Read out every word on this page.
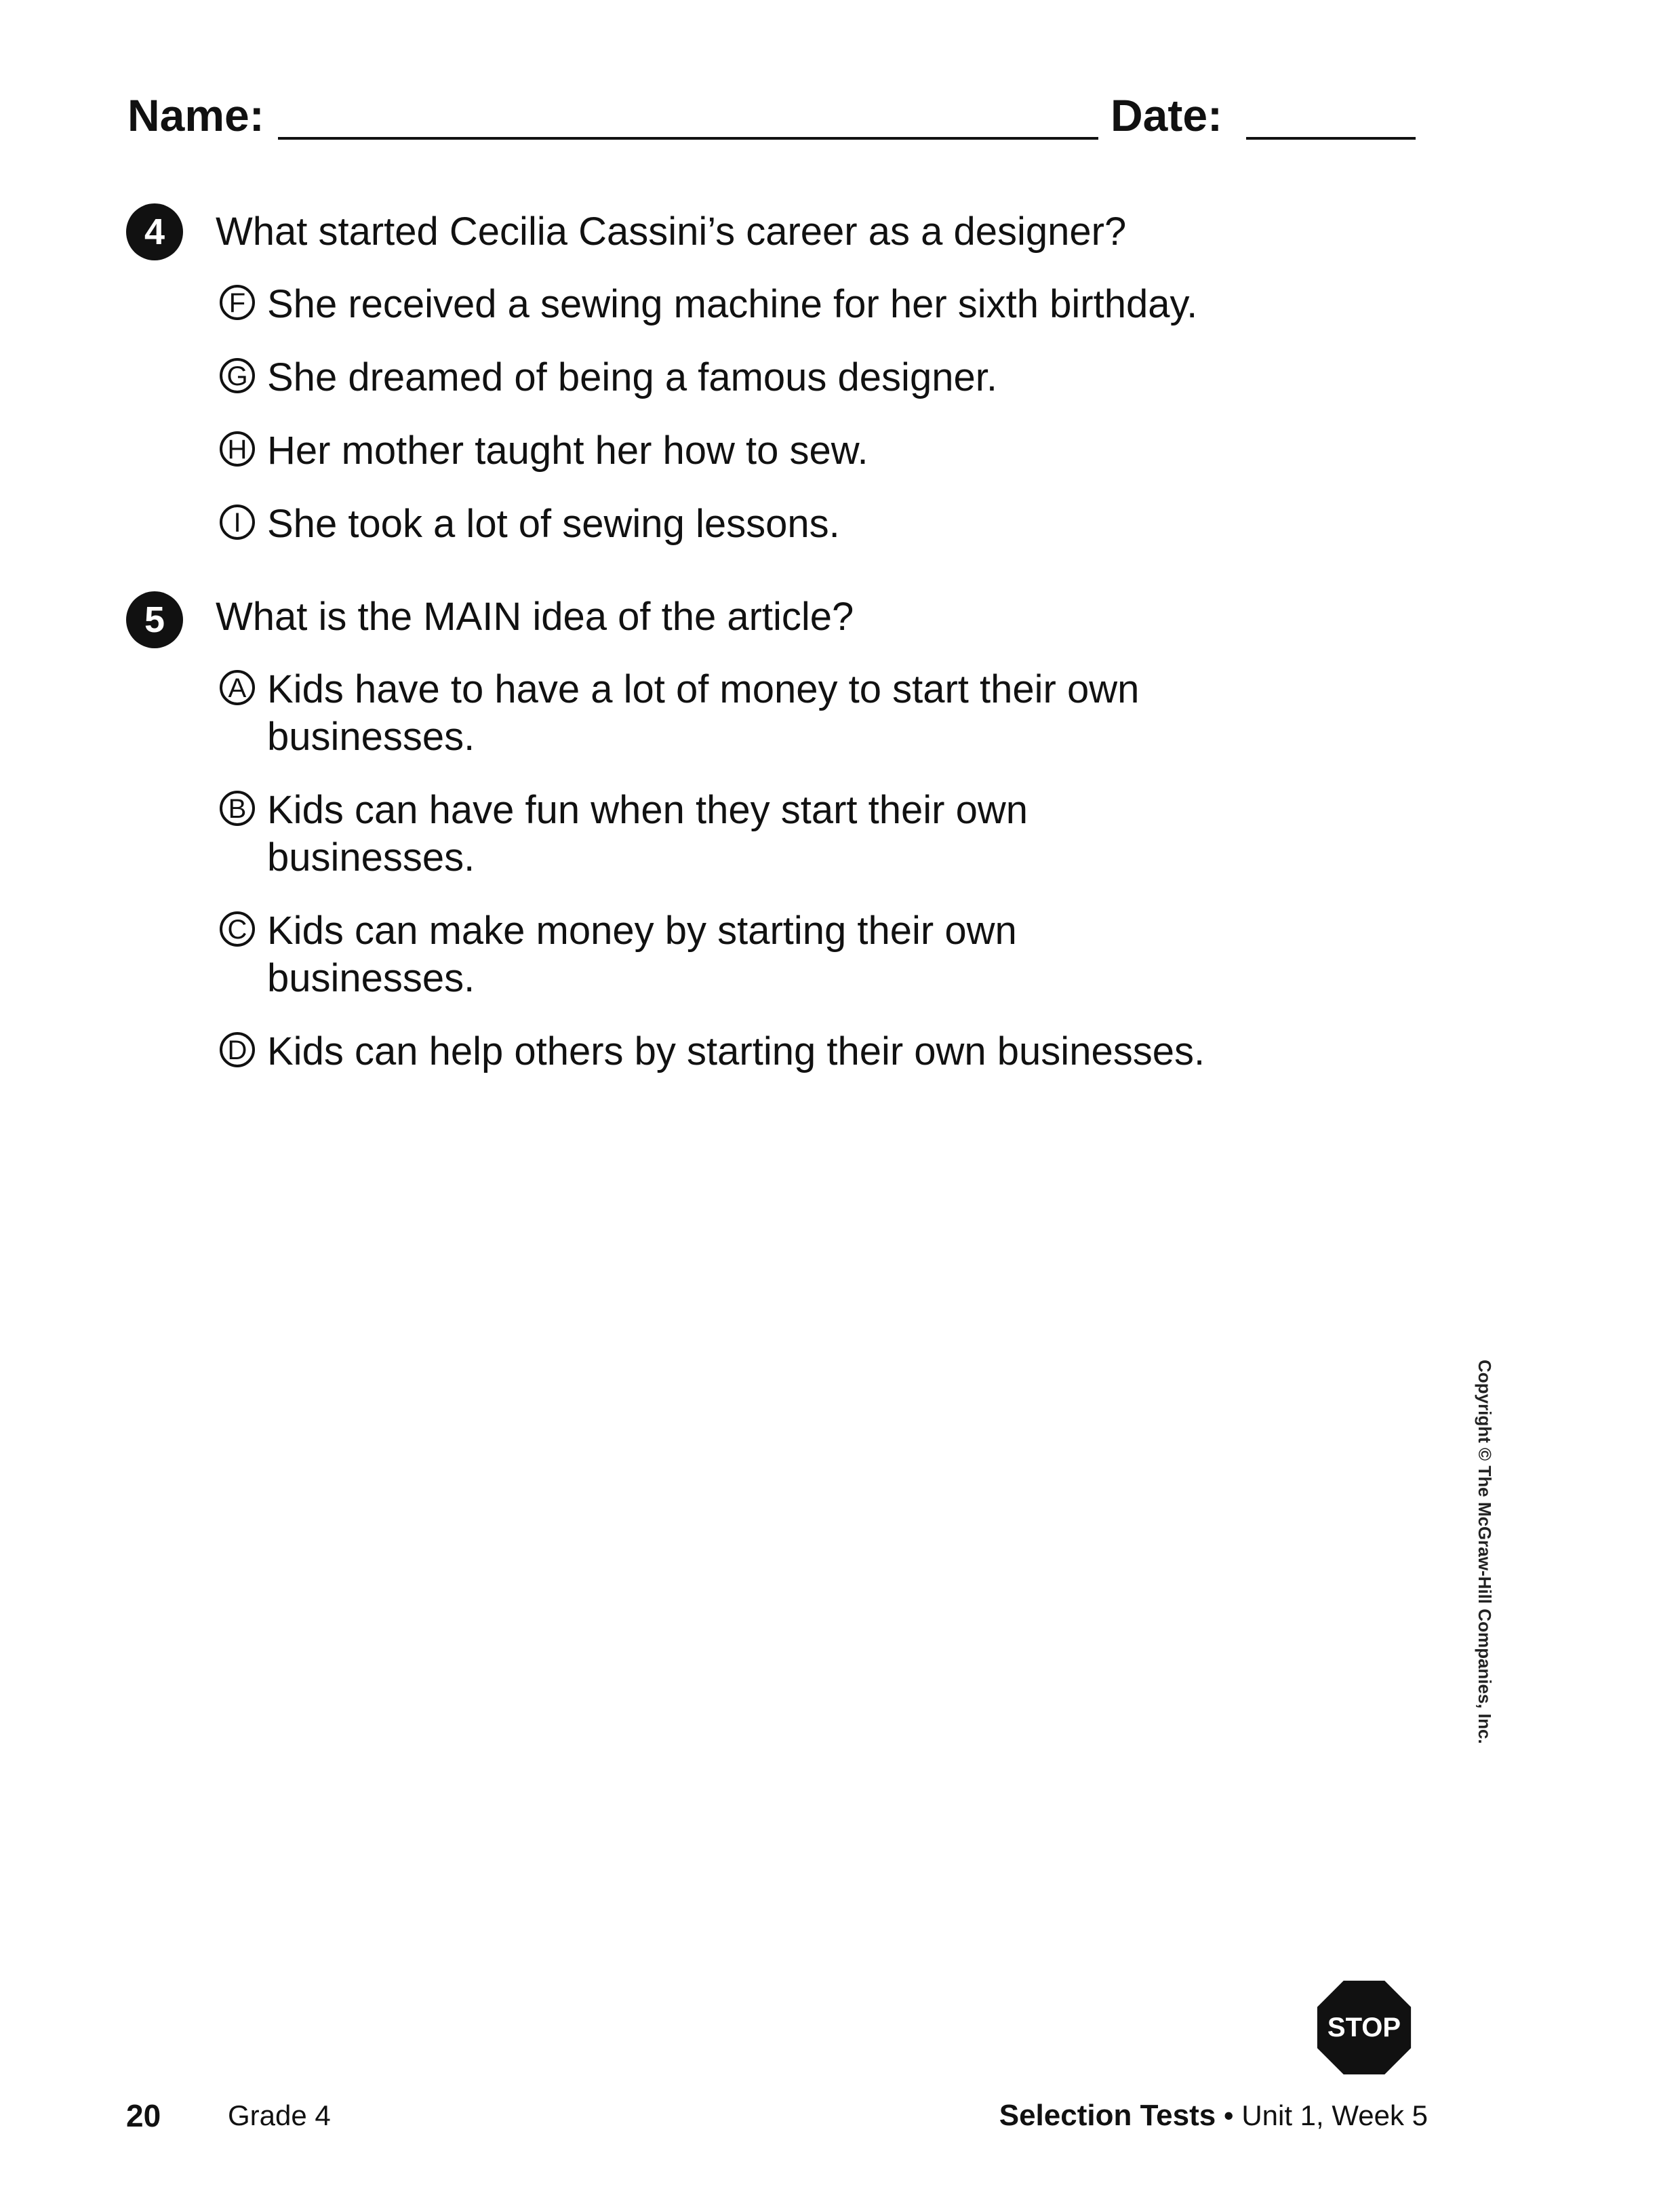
Name:	Date:
4	What started Cecilia Cassini’s career as a designer?
F She received a sewing machine for her sixth birthday.
G She dreamed of being a famous designer.
H Her mother taught her how to sew.
I She took a lot of sewing lessons.
5	What is the MAIN idea of the article?
A Kids have to have a lot of money to start their own
businesses.
B Kids can have fun when they start their own
businesses.
C Kids can make money by starting their own
businesses.
D Kids can help others by starting their own businesses.
Copyright © The McGraw-Hill Companies, Inc.
STOP
20 Grade 4	Selection Tests • Unit 1, Week 5
